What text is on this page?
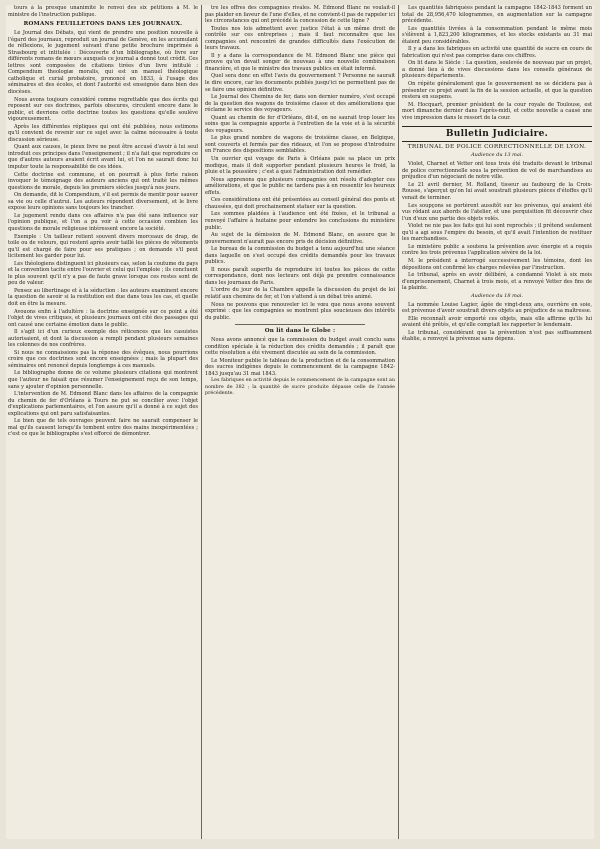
tours à la presque unanimité le renvoi des six pétitions à M. le ministre de l'instruction publique.

ROMANS FEUILLETONS DANS LES JOURNAUX.

Le Journal des Débats, qui vient de prendre une position nouvelle à l'égard des journaux, reproduit un journal de Genève, en les accumulant de réflexions, le jugement suivant d'une petite brochure imprimée à Strasbourg et intitulée : Découverte d'un bibliographe, où livre sur différents romans de mœurs auxquels ce journal a donné tout crédit. Ces lettres sont composées de citations tirées d'un livre intitulé : Compendium theologiæ moralis, qui est un manuel théologique catholique et curial probatoire, prononcé en 1833, à l'usage des séminaires et des écoles, et dont l'autorité est enseignée dans bien des diocèses.

Nous avons toujours considéré comme regrettable que des écrits qui reposent sur ces doctrines, parfois obscures, circulent encore dans le public, et devrions cette doctrine toutes les questions qu'elle soulève vigoureusement.

Après les différentes répliques qui ont été publiées, nous estimons qu'il convient de revenir sur ce sujet avec la calme nécessaire à toute discussion sérieuse.

Quant aux causes, le pieux livre ne peut être accusé d'avoir à lui seul introduit ces principes dans l'enseignement ; il n'a fait que reproduire ce que d'autres auteurs avaient écrit avant lui, et l'on ne saurait donc lui imputer toute la responsabilité de ces idées.

Cette doctrine est commune, et on pourrait à plus forte raison invoquer le témoignage des auteurs anciens qui ont traité les mêmes questions de morale, depuis les premiers siècles jusqu'à nos jours.

On demande, dit le Compendium, s'il est permis de mentir pour sauver sa vie ou celle d'autrui. Les auteurs répondent diversement, et le livre expose leurs opinions sans toujours les trancher.

Le jugement rendu dans ces affaires n'a pas été sans influence sur l'opinion publique, et l'on a pu voir à cette occasion combien les questions de morale religieuse intéressent encore la société.

Exemple : Un tailleur retient souvent divers morceaux de drap, de toile ou de velours, qui restent après avoir taillé les pièces de vêtements qu'il est chargé de faire pour ses pratiques ; on demande s'il peut licitement les garder pour lui.

Les théologiens distinguent ici plusieurs cas, selon la coutume du pays et la convention tacite entre l'ouvrier et celui qui l'emploie ; ils concluent le plus souvent qu'il n'y a pas de faute grave lorsque ces restes sont de peu de valeur.

Pensez au libertinage et à la séduction : les auteurs examinent encore la question de savoir si la restitution est due dans tous les cas, et quelle doit en être la mesure.

Avouons enfin à l'adultère : la doctrine enseignée sur ce point a été l'objet de vives critiques, et plusieurs journaux ont cité des passages qui ont causé une certaine émotion dans le public.

Il s'agit ici d'un curieux exemple des réticences que les casuistes autorisaient, et dont la discussion a rempli pendant plusieurs semaines les colonnes de nos confrères.

Si nous ne connaissions pas la réponse des évêques, nous pourrions croire que ces doctrines sont encore enseignées ; mais la plupart des séminaires ont renoncé depuis longtemps à ces manuels.

Le bibliographe donne de ce volume plusieurs citations qui montrent que l'auteur ne faisait que résumer l'enseignement reçu de son temps, sans y ajouter d'opinion personnelle.

L'intervention de M. Edmond Blanc dans les affaires de la compagnie du chemin de fer d'Orléans à Tours ne put se concilier avec l'objet d'explications parlementaires, et l'on assure qu'il a donné à ce sujet des explications qui ont paru satisfaisantes.

Le bien que de tels ouvrages peuvent faire ne saurait compenser le mal qu'ils causent lorsqu'ils tombent entre des mains inexpérimentées ; c'est ce que le bibliographe s'est efforcé de démontrer.

tre les offres des compagnies rivales. M. Edmond Blanc ne voulait-il pas plaider en faveur de l'une d'elles, et ne convient-il pas de rappeler ici les circonstances qui ont précédé la concession de cette ligne ?

Toutes nos lois admettent avec justice l'état à un même droit de contrôle sur ces entreprises ; mais il faut reconnaître que les compagnies ont rencontré de grandes difficultés dans l'exécution de leurs travaux.

Il y a dans la correspondance de M. Edmond Blanc une pièce qui prouve qu'on devait songer de nouveau à une nouvelle combinaison financière, et que le ministre des travaux publics en était informé.

Quel sera donc en effet l'avis du gouvernement ? Personne ne saurait le dire encore, car les documents publiés jusqu'ici ne permettent pas de se faire une opinion définitive.

Le Journal des Chemins de fer, dans son dernier numéro, s'est occupé de la question des wagons de troisième classe et des améliorations que réclame le service des voyageurs.

Quant au chemin de fer d'Orléans, dit-il, on ne saurait trop louer les soins que la compagnie apporte à l'entretien de la voie et à la sécurité des voyageurs.

Le plus grand nombre de wagons de troisième classe, en Belgique, sont couverts et fermés par des rideaux, et l'on se propose d'introduire en France des dispositions semblables.

Un ouvrier qui voyage de Paris à Orléans paie sa place un prix modique, mais il doit supporter pendant plusieurs heures le froid, la pluie et la poussière ; c'est à quoi l'administration doit remédier.

Nous apprenons que plusieurs compagnies ont résolu d'adopter ces améliorations, et que le public ne tardera pas à en ressentir les heureux effets.

Ces considérations ont été présentées au conseil général des ponts et chaussées, qui doit prochainement statuer sur la question.

Les sommes plaidées à l'audience ont été fixées, et le tribunal a renvoyé l'affaire à huitaine pour entendre les conclusions du ministère public.

Au sujet de la démission de M. Edmond Blanc, on assure que le gouvernement n'aurait pas encore pris de décision définitive.

Le bureau de la commission du budget a tenu aujourd'hui une séance dans laquelle on s'est occupé des crédits demandés pour les travaux publics.

Il nous paraît superflu de reproduire ici toutes les pièces de cette correspondance, dont nos lecteurs ont déjà pu prendre connaissance dans les journaux de Paris.

L'ordre du jour de la Chambre appelle la discussion du projet de loi relatif aux chemins de fer, et l'on s'attend à un débat très animé.

Nous ne pouvons que renouveler ici le vœu que nous avons souvent exprimé : que les compagnies se montrent plus soucieuses des intérêts du public.

On lit dans le Globe :

Nous avons annoncé que la commission du budget avait conclu sans condition spéciale à la réduction des crédits demandés ; il paraît que cette résolution a été vivement discutée au sein de la commission.

Le Moniteur publie le tableau de la production et de la consommation des sucres indigènes depuis le commencement de la campagne 1842-1843 jusqu'au 31 mai 1843.

Les fabriques en activité depuis le commencement de la campagne sont au nombre de 382 ; la quantité de sucre produite dépasse celle de l'année précédente.

Les quantités fabriquées pendant la campagne 1842-1843 forment un total de 28,956,470 kilogrammes, en augmentation sur la campagne précédente.

Les quantités livrées à la consommation pendant le même mois s'élèvent à 1,823,200 kilogrammes, et les stocks existants au 31 mai étaient peu considérables.

Il y a dans les fabriques en activité une quantité de sucre en cours de fabrication qui n'est pas comprise dans ces chiffres.

On lit dans le Siècle : La question, soulevée de nouveau par un projet, a donné lieu à de vives discussions dans les conseils généraux de plusieurs départements.

On répète généralement que le gouvernement ne se décidera pas à présenter ce projet avant la fin de la session actuelle, et que la question restera en suspens.

M. Hocquart, premier président de la cour royale de Toulouse, est mort dimanche dernier dans l'après-midi, et cette nouvelle a causé une vive impression dans le ressort de la cour.

Bulletin Judiciaire.
TRIBUNAL DE POLICE CORRECTIONNELLE DE LYON.
Audience du 13 mai.

Violet, Charnet et Vetter ont tous trois été traduits devant le tribunal de police correctionnelle sous la prévention de vol de marchandises au préjudice d'un négociant de notre ville.

Le 21 avril dernier, M. Rolland, tisseur au faubourg de la Croix-Rousse, s'aperçut qu'on lui avait soustrait plusieurs pièces d'étoffes qu'il venait de terminer.

Les soupçons se portèrent aussitôt sur les prévenus, qui avaient été vus rôdant aux abords de l'atelier, et une perquisition fit découvrir chez l'un d'eux une partie des objets volés.

Violet ne nie pas les faits qui lui sont reprochés ; il prétend seulement qu'il a agi sous l'empire du besoin, et qu'il avait l'intention de restituer les marchandises.

Le ministère public a soutenu la prévention avec énergie et a requis contre les trois prévenus l'application sévère de la loi.

M. le président a interrogé successivement les témoins, dont les dépositions ont confirmé les charges relevées par l'instruction.

Le tribunal, après en avoir délibéré, a condamné Violet à six mois d'emprisonnement, Charnet à trois mois, et a renvoyé Vetter des fins de la plainte.

Audience du 18 mai.

La nommée Louise Lagier, âgée de vingt-deux ans, ouvrière en soie, est prévenue d'avoir soustrait divers objets au préjudice de sa maîtresse.

Elle reconnaît avoir emporté ces objets, mais elle affirme qu'ils lui avaient été prêtés, et qu'elle comptait les rapporter le lendemain.

Le tribunal, considérant que la prévention n'est pas suffisamment établie, a renvoyé la prévenue sans dépens.
